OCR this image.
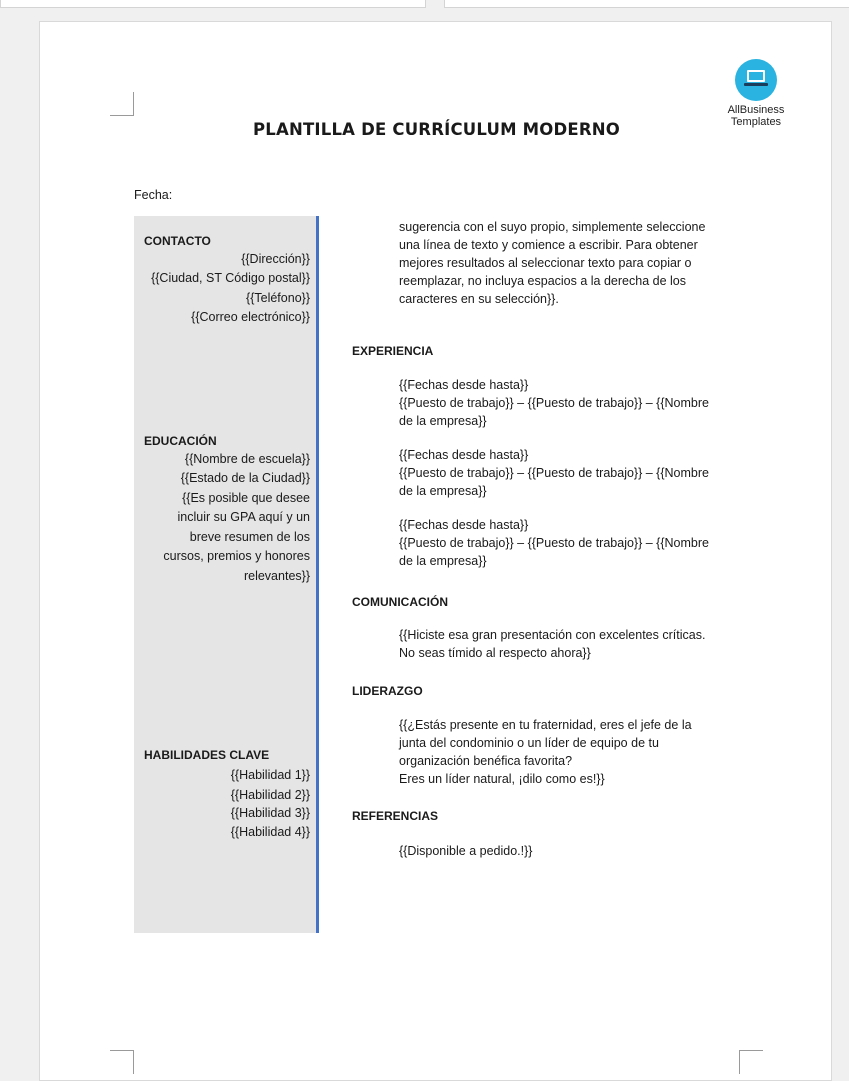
AllBusiness
Templates
PLANTILLA DE CURRÍCULUM MODERNO
Fecha:
CONTACTO
{{Dirección}}
{{Ciudad, ST Código postal}}
{{Teléfono}}
{{Correo electrónico}}
EDUCACIÓN
{{Nombre de escuela}}
{{Estado de la Ciudad}}
{{Es posible que desee
incluir su GPA aquí y un
breve resumen de los
cursos, premios y honores
relevantes}}
HABILIDADES CLAVE
{{Habilidad 1}}
{{Habilidad 2}}
{{Habilidad 3}}
{{Habilidad 4}}
sugerencia con el suyo propio, simplemente seleccione
una línea de texto y comience a escribir. Para obtener
mejores resultados al seleccionar texto para copiar o
reemplazar, no incluya espacios a la derecha de los
caracteres en su selección}}.
EXPERIENCIA
{{Fechas desde hasta}}
{{Puesto de trabajo}} – {{Puesto de trabajo}} – {{Nombre
de la empresa}}
{{Fechas desde hasta}}
{{Puesto de trabajo}} – {{Puesto de trabajo}} – {{Nombre
de la empresa}}
{{Fechas desde hasta}}
{{Puesto de trabajo}} – {{Puesto de trabajo}} – {{Nombre
de la empresa}}
COMUNICACIÓN
{{Hiciste esa gran presentación con excelentes críticas.
No seas tímido al respecto ahora}}
LIDERAZGO
{{¿Estás presente en tu fraternidad, eres el jefe de la
junta del condominio o un líder de equipo de tu
organización benéfica favorita?
Eres un líder natural, ¡dilo como es!}}
REFERENCIAS
{{Disponible a pedido.!}}
